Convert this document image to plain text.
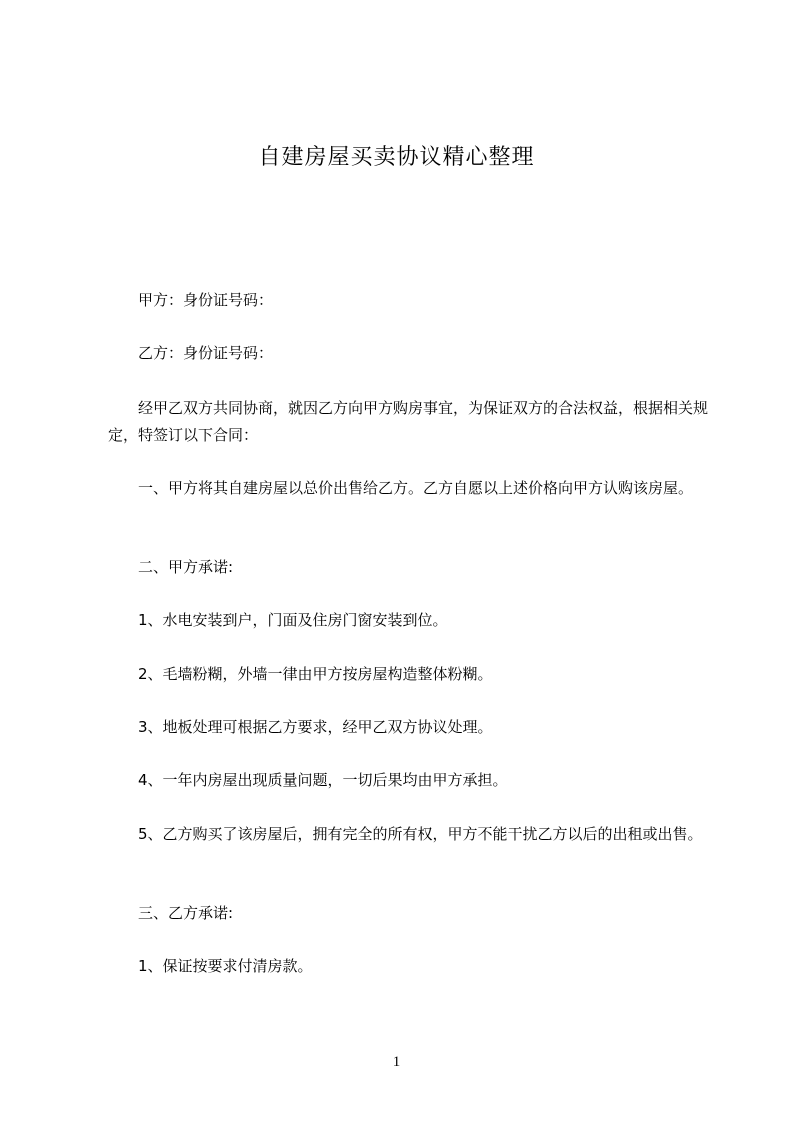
自建房屋买卖协议精心整理

甲方：身份证号码：

乙方：身份证号码：

经甲乙双方共同协商，就因乙方向甲方购房事宜，为保证双方的合法权益，根据相关规定，特签订以下合同：

一、甲方将其自建房屋以总价出售给乙方。乙方自愿以上述价格向甲方认购该房屋。

二、甲方承诺:

1、水电安装到户，门面及住房门窗安装到位。

2、毛墙粉糊，外墙一律由甲方按房屋构造整体粉糊。

3、地板处理可根据乙方要求，经甲乙双方协议处理。

4、一年内房屋出现质量问题，一切后果均由甲方承担。

5、乙方购买了该房屋后，拥有完全的所有权，甲方不能干扰乙方以后的出租或出售。

三、乙方承诺:

1、保证按要求付清房款。

1
